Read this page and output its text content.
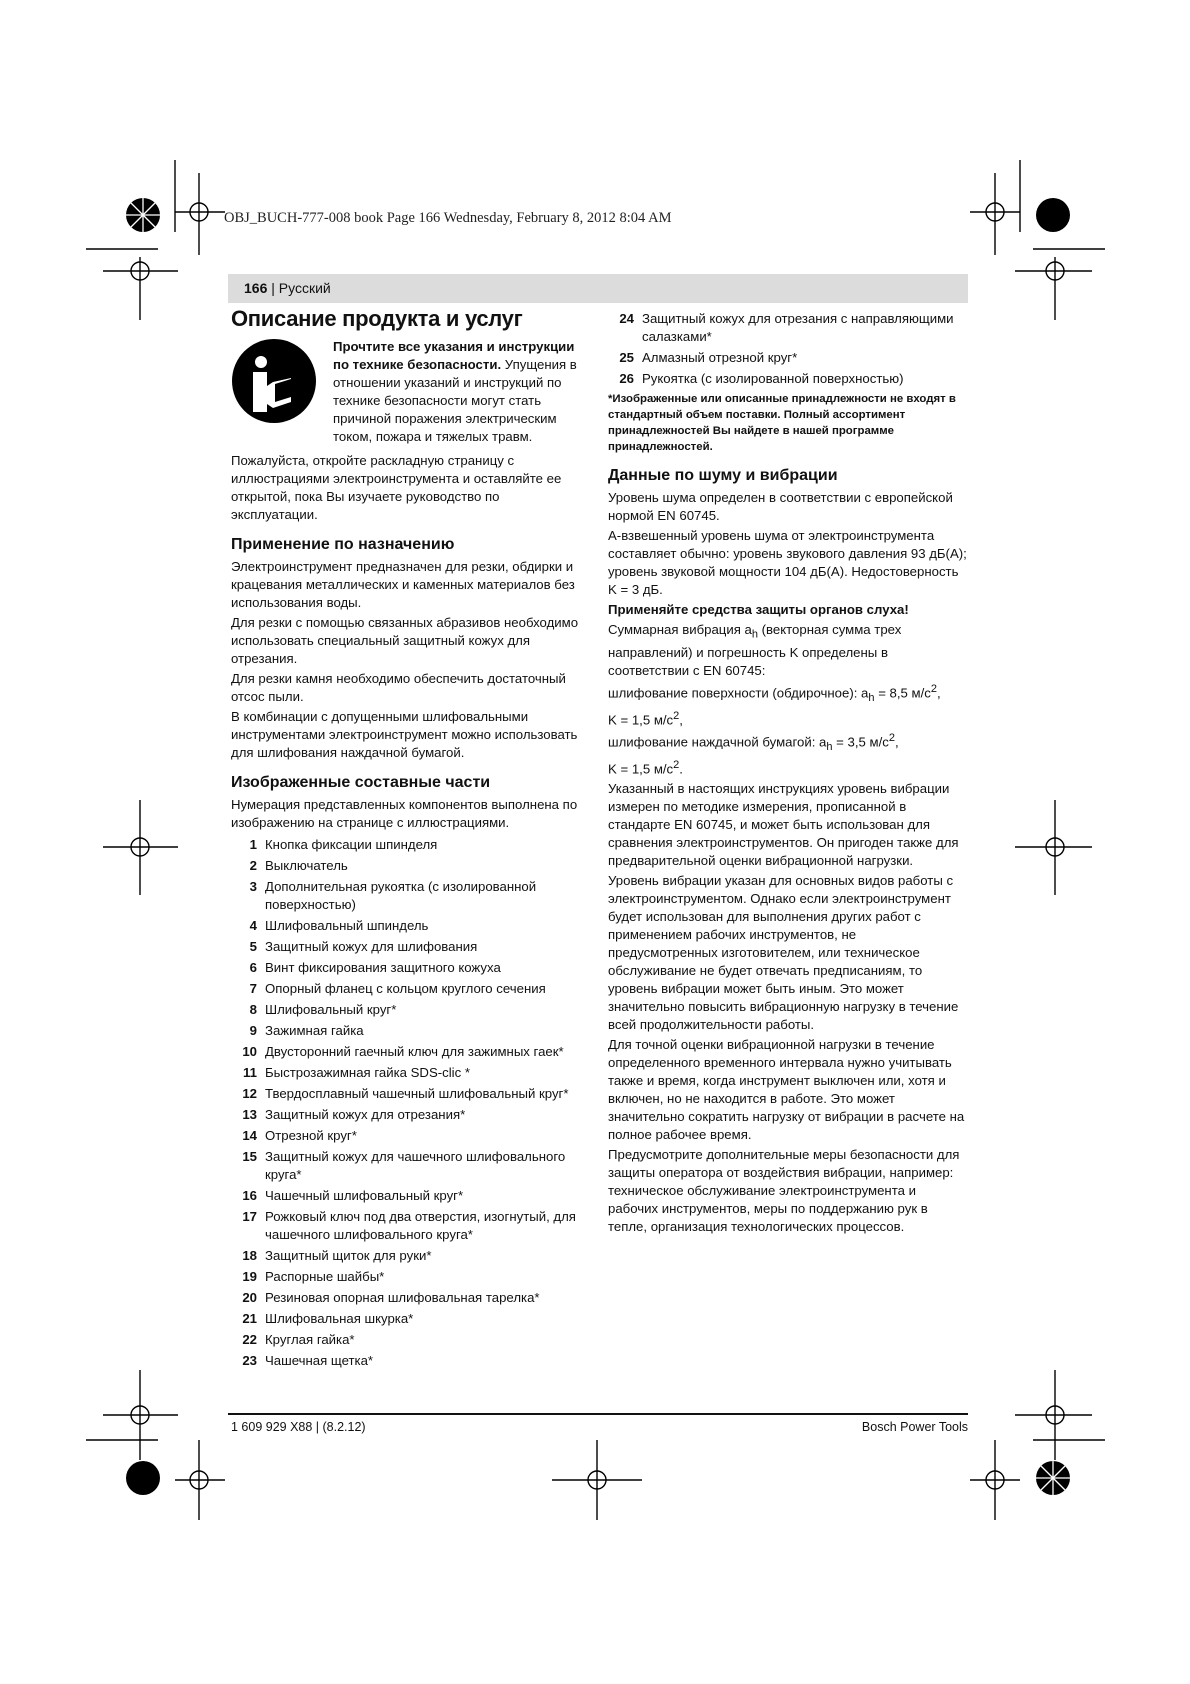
OBJ_BUCH-777-008 book Page 166 Wednesday, February 8, 2012 8:04 AM
166 | Русский
Описание продукта и услуг
Прочтите все указания и инструкции по технике безопасности. Упущения в отношении указаний и инструкций по технике безопасности могут стать причиной поражения электрическим током, пожара и тяжелых травм.

Пожалуйста, откройте раскладную страницу с иллюстрациями электроинструмента и оставляйте ее открытой, пока Вы изучаете руководство по эксплуатации.

Применение по назначению

Электроинструмент предназначен для резки, обдирки и крацевания металлических и каменных материалов без использования воды.

Для резки с помощью связанных абразивов необходимо использовать специальный защитный кожух для отрезания.

Для резки камня необходимо обеспечить достаточный отсос пыли.

В комбинации с допущенными шлифовальными инструментами электроинструмент можно использовать для шлифования наждачной бумагой.

Изображенные составные части

Нумерация представленных компонентов выполнена по изображению на странице с иллюстрациями.

1 Кнопка фиксации шпинделя
2 Выключатель
3 Дополнительная рукоятка (с изолированной поверхностью)
4 Шлифовальный шпиндель
5 Защитный кожух для шлифования
6 Винт фиксирования защитного кожуха
7 Опорный фланец с кольцом круглого сечения
8 Шлифовальный круг*
9 Зажимная гайка
10 Двусторонний гаечный ключ для зажимных гаек*
11 Быстрозажимная гайка SDS-clic *
12 Твердосплавный чашечный шлифовальный круг*
13 Защитный кожух для отрезания*
14 Отрезной круг*
15 Защитный кожух для чашечного шлифовального круга*
16 Чашечный шлифовальный круг*
17 Рожковый ключ под два отверстия, изогнутый, для чашечного шлифовального круга*
18 Защитный щиток для руки*
19 Распорные шайбы*
20 Резиновая опорная шлифовальная тарелка*
21 Шлифовальная шкурка*
22 Круглая гайка*
23 Чашечная щетка*
24 Защитный кожух для отрезания с направляющими салазками*
25 Алмазный отрезной круг*
26 Рукоятка (с изолированной поверхностью)
*Изображенные или описанные принадлежности не входят в стандартный объем поставки. Полный ассортимент принадлежностей Вы найдете в нашей программе принадлежностей.
Данные по шуму и вибрации

Уровень шума определен в соответствии с европейской нормой EN 60745.

А-взвешенный уровень шума от электроинструмента составляет обычно: уровень звукового давления 93 дБ(A); уровень звуковой мощности 104 дБ(A). Недостоверность K = 3 дБ.

Применяйте средства защиты органов слуха!

Суммарная вибрация $a_h$ (векторная сумма трех направлений) и погрешность K определены в соответствии с EN 60745:
шлифование поверхности (обдирочное): $a_h = 8,5$ $м/с^2$,
K = 1,5 $м/с^2$,
шлифование наждачной бумагой: $a_h = 3,5$ $м/с^2$,
K = 1,5 $м/с^2$.

Указанный в настоящих инструкциях уровень вибрации измерен по методике измерения, прописанной в стандарте EN 60745, и может быть использован для сравнения электроинструментов. Он пригоден также для предварительной оценки вибрационной нагрузки.

Уровень вибрации указан для основных видов работы с электроинструментом. Однако если электроинструмент будет использован для выполнения других работ с применением рабочих инструментов, не предусмотренных изготовителем, или техническое обслуживание не будет отвечать предписаниям, то уровень вибрации может быть иным. Это может значительно повысить вибрационную нагрузку в течение всей продолжительности работы.

Для точной оценки вибрационной нагрузки в течение определенного временного интервала нужно учитывать также и время, когда инструмент выключен или, хотя и включен, но не находится в работе. Это может значительно сократить нагрузку от вибрации в расчете на полное рабочее время.

Предусмотрите дополнительные меры безопасности для защиты оператора от воздействия вибрации, например: техническое обслуживание электроинструмента и рабочих инструментов, меры по поддержанию рук в тепле, организация технологических процессов.

1 609 929 X88 | (8.2.12)	Bosch Power Tools
